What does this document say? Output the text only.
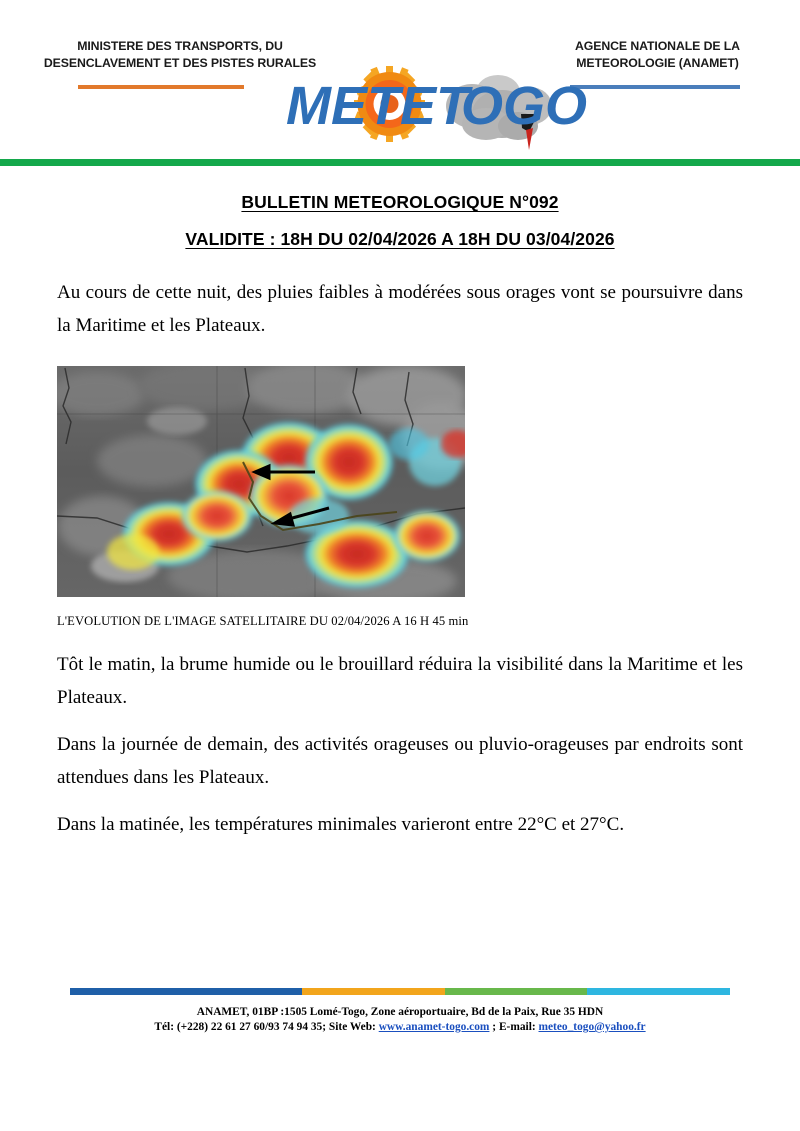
MINISTERE DES TRANSPORTS, DU
DESENCLAVEMENT ET DES PISTES RURALES
AGENCE NATIONALE DE LA
METEOROLOGIE (ANAMET)
METE T
OGO
BULLETIN METEOROLOGIQUE N°092
VALIDITE : 18H DU 02/04/2026 A 18H DU 03/04/2026

Au cours de cette nuit, des pluies faibles à modérées sous orages vont se poursuivre dans la Maritime et les Plateaux.

L'EVOLUTION DE L'IMAGE SATELLITAIRE DU 02/04/2026 A 16 H 45 min

Tôt le matin, la brume humide ou le brouillard réduira la visibilité dans la Maritime et les Plateaux.

Dans la journée de demain, des activités orageuses ou pluvio-orageuses par endroits sont attendues dans les Plateaux.

Dans la matinée, les températures minimales varieront entre 22°C et 27°C.

ANAMET, 01BP :1505 Lomé-Togo, Zone aéroportuaire, Bd de la Paix, Rue 35 HDN
Tél: (+228) 22 61 27 60/93 74 94 35; Site Web: www.anamet-togo.com ; E-mail: meteo_togo@yahoo.fr
